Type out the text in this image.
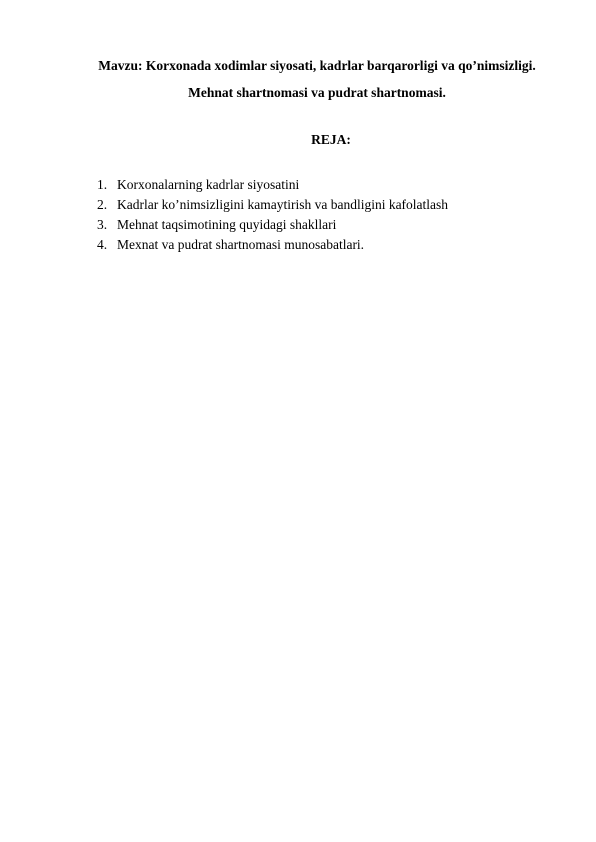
Mavzu: Korxonada xodimlar siyosati, kadrlar barqarorligi va qo’nimsizligi.
Mehnat shartnomasi va pudrat shartnomasi.
REJA:
1. Korxonalarning kadrlar siyosatini
2. Kadrlar ko’nimsizligini kamaytirish va bandligini kafolatlash
3. Mehnat taqsimotining quyidagi shakllari
4. Mexnat va pudrat shartnomasi munosabatlari.
